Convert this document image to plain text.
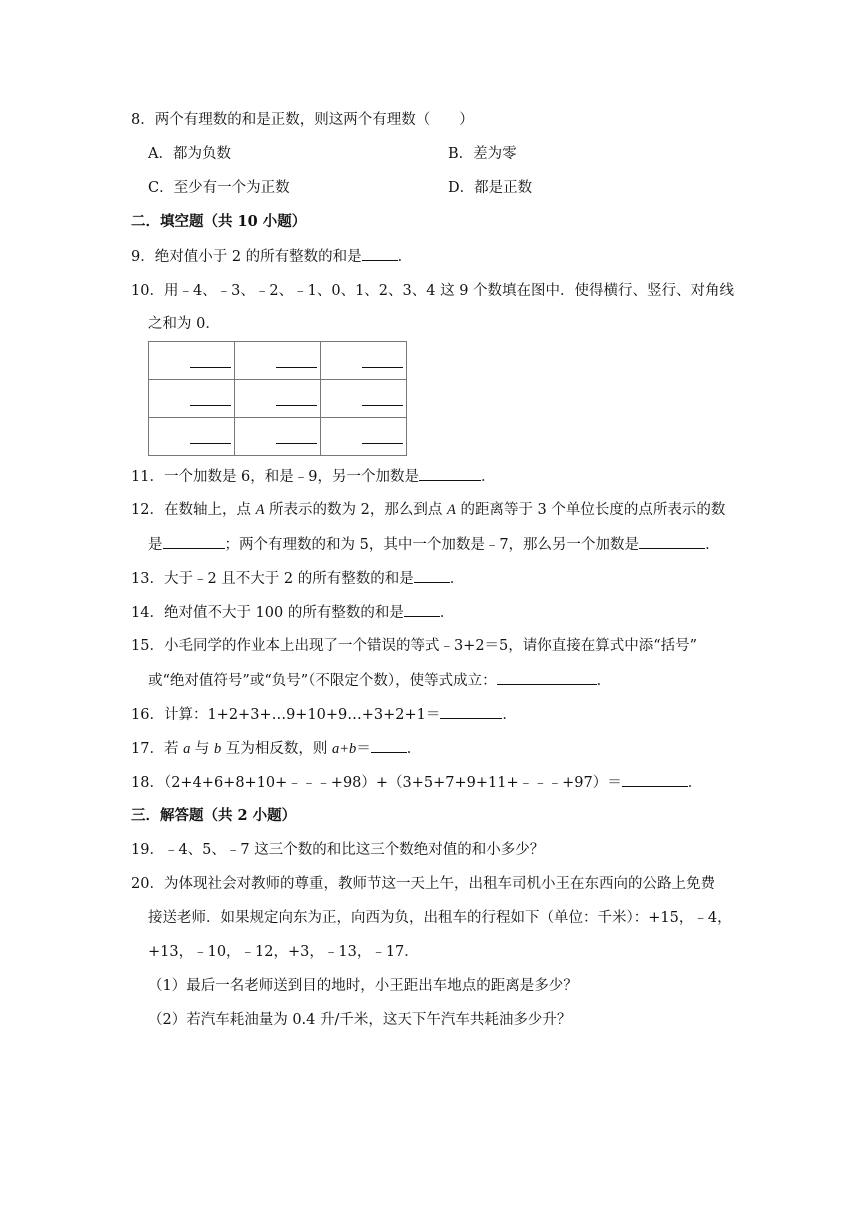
8．两个有理数的和是正数，则这两个有理数（　　）
A．都为负数	B．差为零
C．至少有一个为正数	D．都是正数
二．填空题（共 10 小题）
9．绝对值小于 2 的所有整数的和是 ．
10．用﹣4、﹣3、﹣2、﹣1、0、1、2、3、4 这 9 个数填在图中．使得横行、竖行、对角线
之和为 0．

11．一个加数是 6，和是﹣9，另一个加数是	．
12．在数轴上，点 A 所表示的数为 2，那么到点 A 的距离等于 3 个单位长度的点所表示的数
是	；两个有理数的和为 5，其中一个加数是﹣7，那么另一个加数是	．
13．大于﹣2 且不大于 2 的所有整数的和是 ．
14．绝对值不大于 100 的所有整数的和是 ．
15．小毛同学的作业本上出现了一个错误的等式﹣3+2＝5，请你直接在算式中添“括号”
或“绝对值符号”或“负号”（不限定个数），使等式成立：	．
16．计算：1+2+3+…9+10+9…+3+2+1＝	．
17．若 a 与 b 互为相反数，则 a+b＝ ．
18．（2+4+6+8+10+﹣﹣﹣+98）+（3+5+7+9+11+﹣﹣﹣+97）＝	．
三．解答题（共 2 小题）
19．﹣4、5、﹣7 这三个数的和比这三个数绝对值的和小多少？
20．为体现社会对教师的尊重，教师节这一天上午，出租车司机小王在东西向的公路上免费
接送老师．如果规定向东为正，向西为负，出租车的行程如下（单位：千米）：+15，﹣4，
+13，﹣10，﹣12，+3，﹣13，﹣17．
（1）最后一名老师送到目的地时，小王距出车地点的距离是多少？
（2）若汽车耗油量为 0.4 升/千米，这天下午汽车共耗油多少升？
